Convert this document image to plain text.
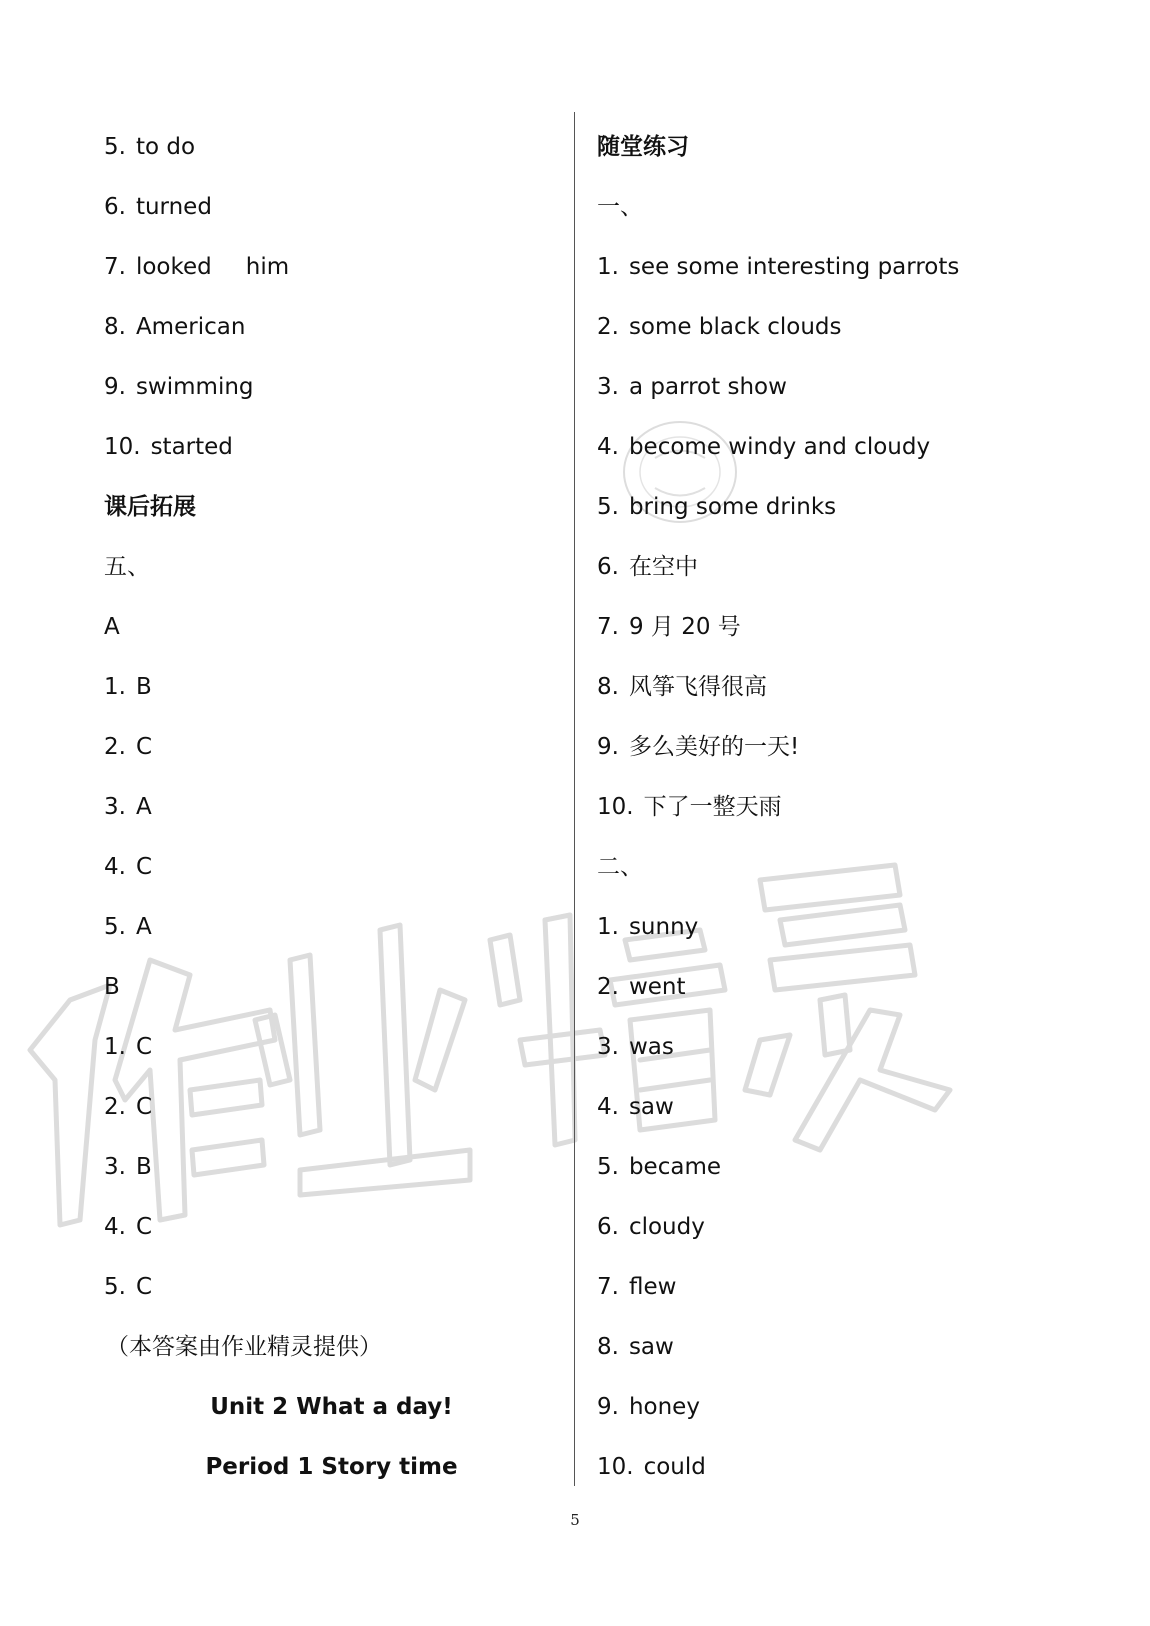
5. to do
6. turned
7. looked him
8. American
9. swimming
10. started
课后拓展
五、
A
1. B
2. C
3. A
4. C
5. A
B
1. C
2. C
3. B
4. C
5. C
（本答案由作业精灵提供）
Unit 2 What a day!
Period 1 Story time
随堂练习
一、
1. see some interesting parrots
2. some black clouds
3. a parrot show
4. become windy and cloudy
5. bring some drinks
6. 在空中
7. 9 月 20 号
8. 风筝飞得很高
9. 多么美好的一天!
10. 下了一整天雨
二、
1. sunny
2. went
3. was
4. saw
5. became
6. cloudy
7. flew
8. saw
9. honey
10. could
5
